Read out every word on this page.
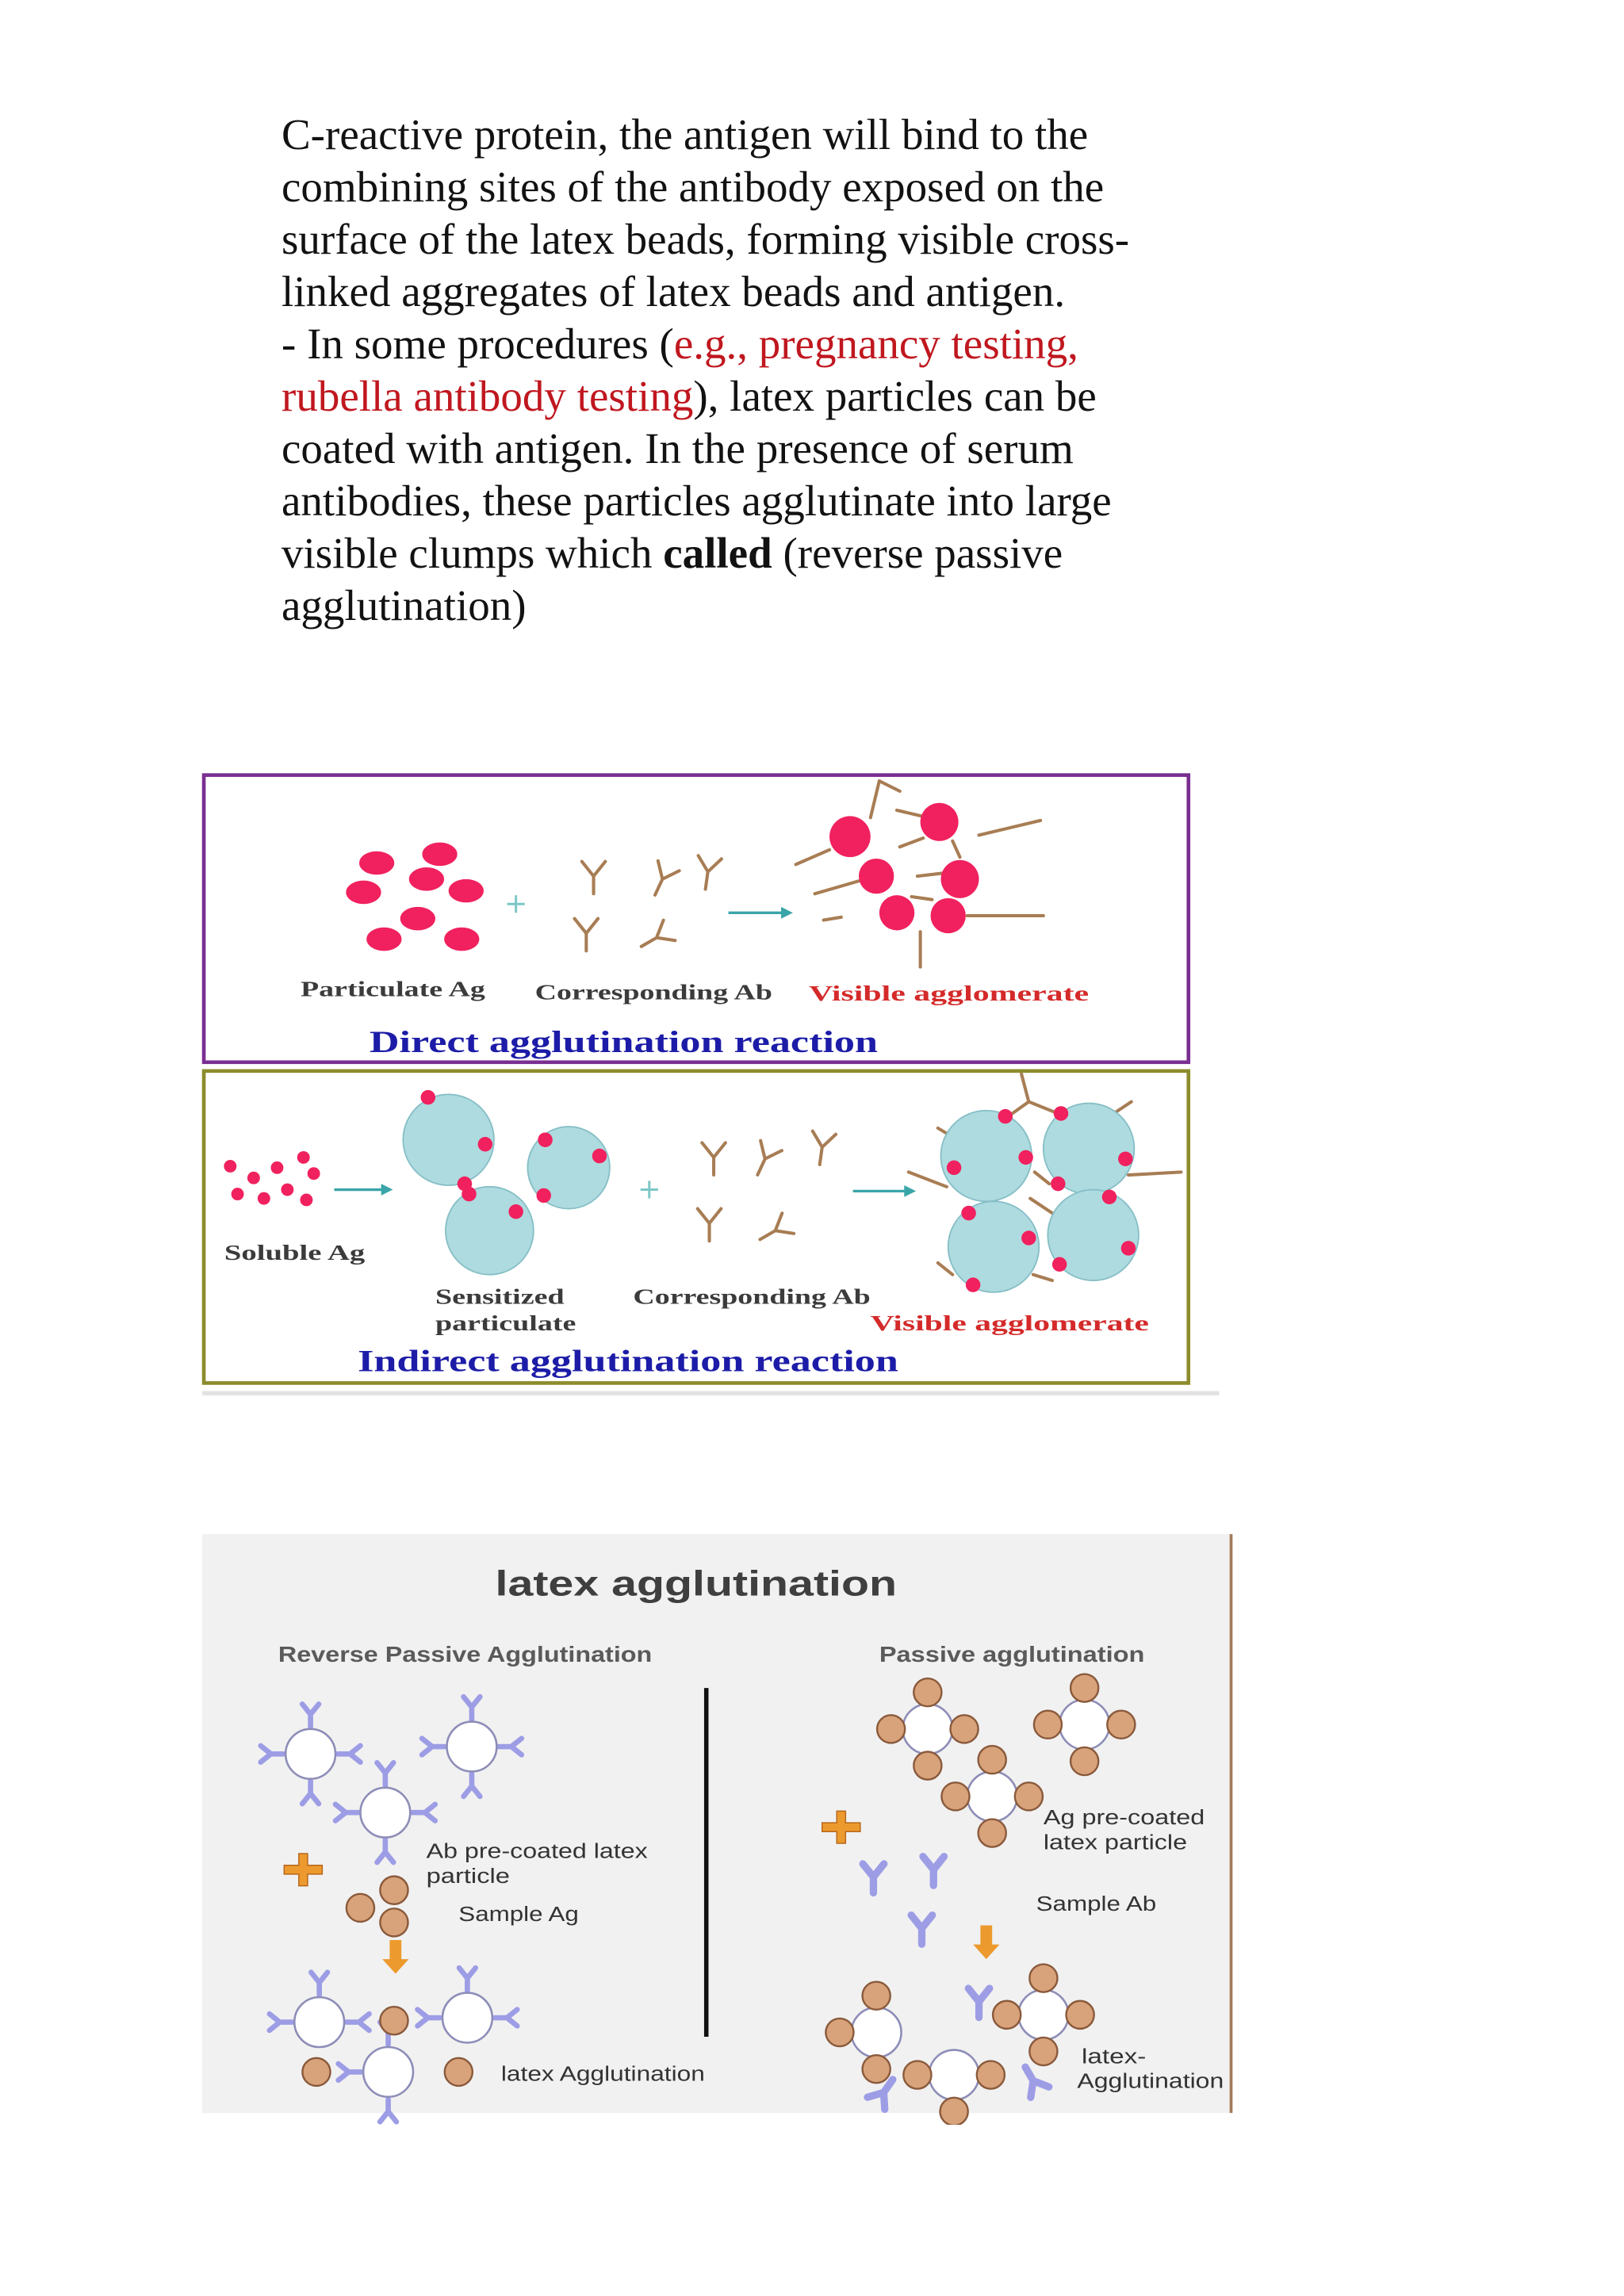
C-reactive protein, the antigen will bind to the
combining sites of the antibody exposed on the
surface of the latex beads, forming visible cross-
linked aggregates of latex beads and antigen.
- In some procedures (e.g., pregnancy testing,
rubella antibody testing), latex particles can be
coated with antigen. In the presence of serum
antibodies, these particles agglutinate into large
visible clumps which called (reverse passive
agglutination)
Particulate Ag	Corresponding Ab	Visible agglomerate
Direct agglutination reaction
Soluble Ag
Sensitized
particulate
Corresponding Ab
Visible agglomerate
Indirect agglutination reaction
latex agglutination
Reverse Passive Agglutination	Passive agglutination
Ab pre-coated latex
particle
Sample Ag
latex Agglutination
Ag pre-coated
latex particle
Sample Ab
latex-
Agglutination
